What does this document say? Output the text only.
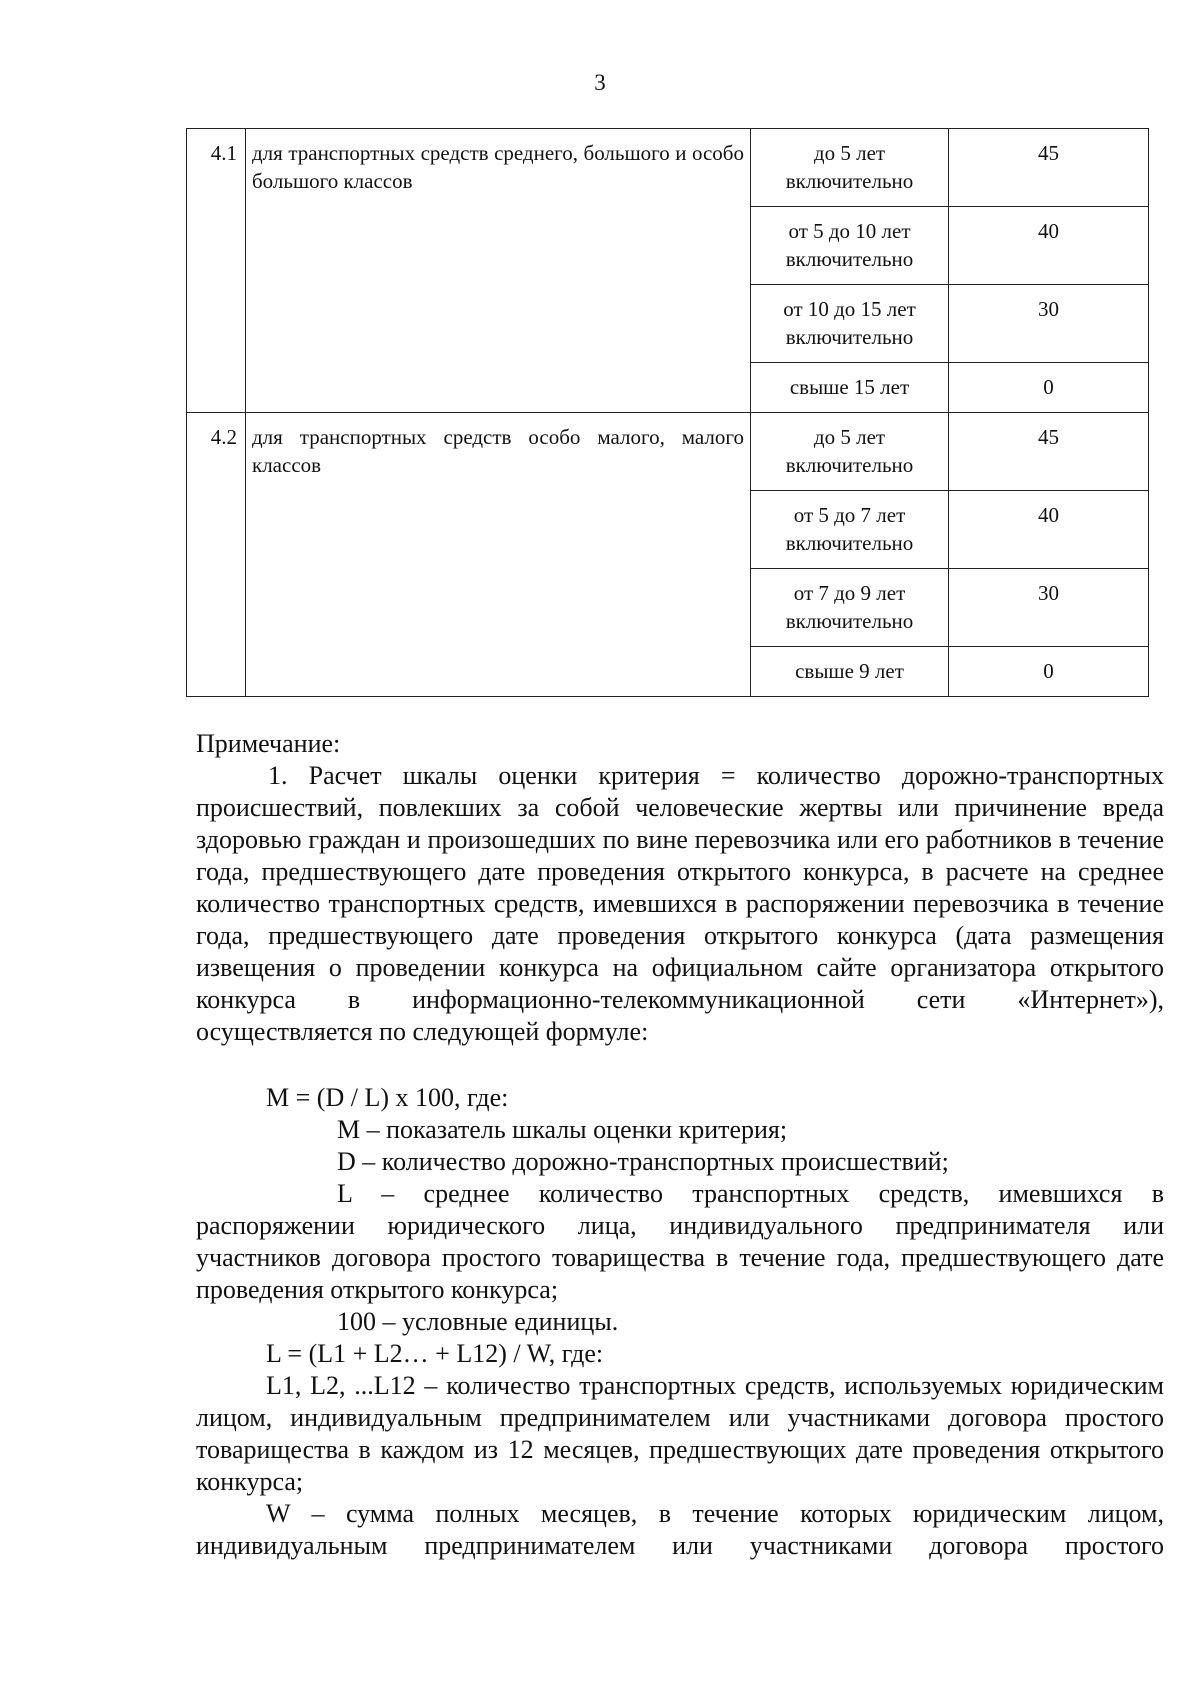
3
4.1	для транспортных средств среднего, большого и особо большого классов	до 5 лет включительно	45
		от 5 до 10 лет включительно	40
		от 10 до 15 лет включительно	30
		свыше 15 лет	0
4.2	для транспортных средств особо малого, малого классов	до 5 лет включительно	45
		от 5 до 7 лет включительно	40
		от 7 до 9 лет включительно	30
		свыше 9 лет	0
Примечание:
1. Расчет шкалы оценки критерия = количество дорожно-транспортных происшествий, повлекших за собой человеческие жертвы или причинение вреда здоровью граждан и произошедших по вине перевозчика или его работников в течение года, предшествующего дате проведения открытого конкурса, в расчете на среднее количество транспортных средств, имевшихся в распоряжении перевозчика в течение года, предшествующего дате проведения открытого конкурса (дата размещения извещения о проведении конкурса на официальном сайте организатора открытого конкурса в информационно-телекоммуникационной сети «Интернет»), осуществляется по следующей формуле:
M = (D / L) x 100, где:
M – показатель шкалы оценки критерия;
D – количество дорожно-транспортных происшествий;
L – среднее количество транспортных средств, имевшихся в распоряжении юридического лица, индивидуального предпринимателя или участников договора простого товарищества в течение года, предшествующего дате проведения открытого конкурса;
100 – условные единицы.
L = (L1 + L2… + L12) / W, где:
L1, L2, ...L12 – количество транспортных средств, используемых юридическим лицом, индивидуальным предпринимателем или участниками договора простого товарищества в каждом из 12 месяцев, предшествующих дате проведения открытого конкурса;
W – сумма полных месяцев, в течение которых юридическим лицом, индивидуальным предпринимателем или участниками договора простого
